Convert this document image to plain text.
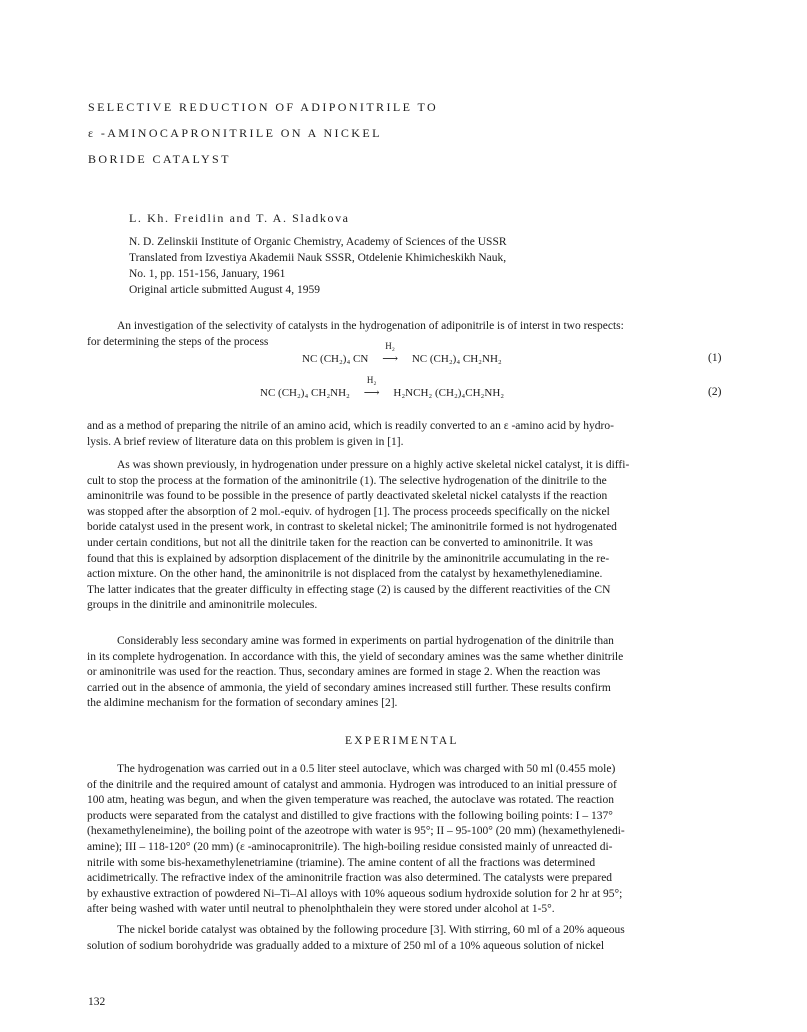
SELECTIVE REDUCTION OF ADIPONITRILE TO
ε -AMINOCAPRONITRILE ON A NICKEL
BORIDE CATALYST
L. Kh. Freidlin and T. A. Sladkova
N. D. Zelinskii Institute of Organic Chemistry, Academy of Sciences of the USSR
Translated from Izvestiya Akademii Nauk SSSR, Otdelenie Khimicheskikh Nauk,
No. 1, pp. 151-156, January, 1961
Original article submitted August 4, 1959
An investigation of the selectivity of catalysts in the hydrogenation of adiponitrile is of interst in two respects:
for determining the steps of the process
NC (CH₂)₄ CN
H₂
⟶ NC (CH₂)₄ CH₂NH₂	(1)
NC (CH₂)₄ CH₂NH₂
H₂
⟶ H₂NCH₂ (CH₂)₄CH₂NH₂	(2)
and as a method of preparing the nitrile of an amino acid, which is readily converted to an ε -amino acid by hydro-
lysis. A brief review of literature data on this problem is given in [1].
As was shown previously, in hydrogenation under pressure on a highly active skeletal nickel catalyst, it is diffi-
cult to stop the process at the formation of the aminonitrile (1). The selective hydrogenation of the dinitrile to the
aminonitrile was found to be possible in the presence of partly deactivated skeletal nickel catalysts if the reaction
was stopped after the absorption of 2 mol.-equiv. of hydrogen [1]. The process proceeds specifically on the nickel
boride catalyst used in the present work, in contrast to skeletal nickel; The aminonitrile formed is not hydrogenated
under certain conditions, but not all the dinitrile taken for the reaction can be converted to aminonitrile. It was
found that this is explained by adsorption displacement of the dinitrile by the aminonitrile accumulating in the re-
action mixture. On the other hand, the aminonitrile is not displaced from the catalyst by hexamethylenediamine.
The latter indicates that the greater difficulty in effecting stage (2) is caused by the different reactivities of the CN
groups in the dinitrile and aminonitrile molecules.
Considerably less secondary amine was formed in experiments on partial hydrogenation of the dinitrile than
in its complete hydrogenation. In accordance with this, the yield of secondary amines was the same whether dinitrile
or aminonitrile was used for the reaction. Thus, secondary amines are formed in stage 2. When the reaction was
carried out in the absence of ammonia, the yield of secondary amines increased still further. These results confirm
the aldimine mechanism for the formation of secondary amines [2].
EXPERIMENTAL
The hydrogenation was carried out in a 0.5 liter steel autoclave, which was charged with 50 ml (0.455 mole)
of the dinitrile and the required amount of catalyst and ammonia. Hydrogen was introduced to an initial pressure of
100 atm, heating was begun, and when the given temperature was reached, the autoclave was rotated. The reaction
products were separated from the catalyst and distilled to give fractions with the following boiling points: I – 137°
(hexamethyleneimine), the boiling point of the azeotrope with water is 95°; II – 95-100° (20 mm) (hexamethylenedi-
amine); III – 118-120° (20 mm) (ε -aminocapronitrile). The high-boiling residue consisted mainly of unreacted di-
nitrile with some bis-hexamethylenetriamine (triamine). The amine content of all the fractions was determined
acidimetrically. The refractive index of the aminonitrile fraction was also determined. The catalysts were prepared
by exhaustive extraction of powdered Ni–Ti–Al alloys with 10% aqueous sodium hydroxide solution for 2 hr at 95°;
after being washed with water until neutral to phenolphthalein they were stored under alcohol at 1-5°.
The nickel boride catalyst was obtained by the following procedure [3]. With stirring, 60 ml of a 20% aqueous
solution of sodium borohydride was gradually added to a mixture of 250 ml of a 10% aqueous solution of nickel
132
